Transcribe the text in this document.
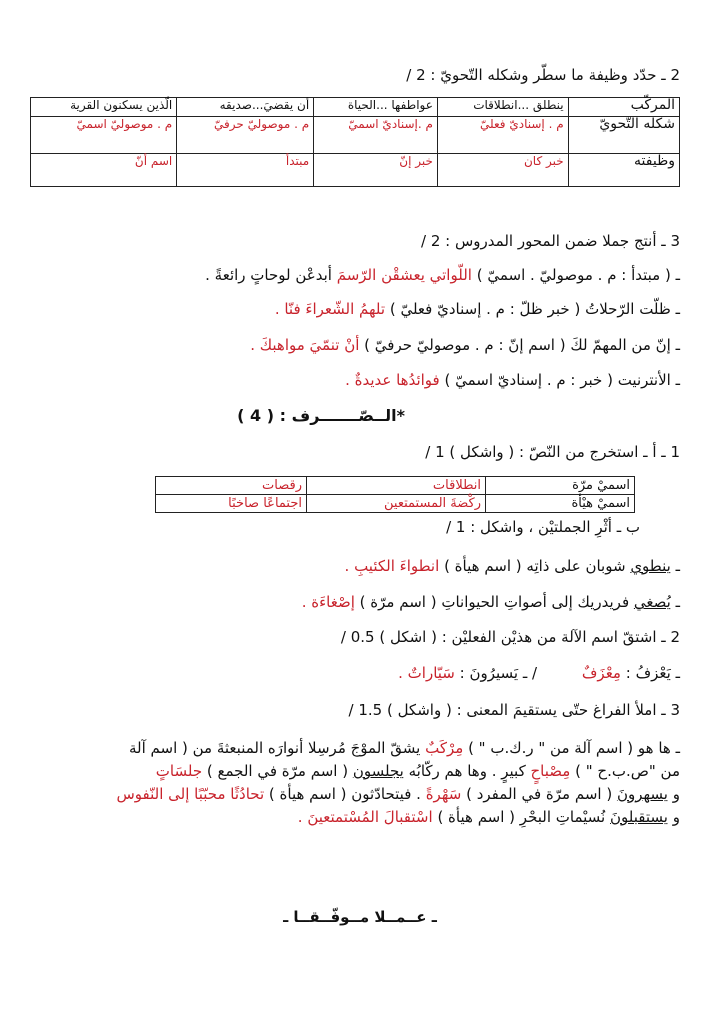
2 ـ حدّد وظيفة ما سطّر وشكله التّحويّ : 2 /
المركّب	ينطلق ...انطلاقات	عواطفها ...الحياة	أن يقضيَ...صديقه	الّذين يسكنون القرية
شكله التّحويّ	م . إسناديّ فعليّ	م .إسناديّ اسميّ	م . موصوليّ حرفيّ	م . موصوليّ اسميّ
وظيفته	خبر كان	خبر إنّ	مبتدأ	اسم أنّ
3 ـ أنتج جملا ضمن المحور المدروس : 2 /
ـ ( مبتدأ : م . موصوليّ . اسميّ ) اللّواتي يعشقْن الرّسمَ أبدعْن لوحاتٍ رائعةً .
ـ ظلّت الرّحلاتُ ( خبر ظلّ : م . إسناديّ فعليّ ) تلهمُ الشّعراءَ فنّا .
ـ إنّ من المهمّ لكَ ( اسم إنّ : م . موصوليّ حرفيّ ) أنْ تنمّيَ مواهبكَ .
ـ الأنترنيت ( خبر : م . إسناديّ اسميّ ) فوائدُها عديدةٌ .
*الــصّـــــــرف : ( 4 )
1 ـ أ ـ استخرج من النّصّ : ( واشكل ) 1 /
اسميْ مرّة	انطلاقات	رقصات
اسميْ هيْأة	ركْضةَ المستمتعين	اجتماعًا صاخبًا
ب ـ أثْرِ الجملتيْن ، واشكل : 1 /
ـ ينطوي شوبان على ذاتِه ( اسم هيأة ) انطواءَ الكئيبِ .
ـ يُصغي فريدريك إلى أصواتِ الحيواناتِ ( اسم مرّة ) إصْغاءَة .
2 ـ اشتقّ اسم الآلة من هذيْن الفعليْن : ( اشكل ) 0.5 /
ـ يَعْزفُ : مِعْزَفٌ / ـ يَسيرُونَ : سَيّاراتٌ .
3 ـ املأ الفراغ حتّى يستقيمَ المعنى : ( واشكل ) 1.5 /
ـ ها هو ( اسم آلة من " ر.ك.ب " ) مِرْكَبٌ يشقّ الموْجَ مُرسِلا أنوارَه المنبعثةَ من ( اسم آلة
من "ص.ب.ح " ) مِصْباحٍ كبيرٍ . وها هم ركّابُه يجلسون ( اسم مرّة في الجمع ) جلسَاتٍ
و يسهرونَ ( اسم مرّة في المفرد ) سَهْرةً . فيتحادّثون ( اسم هيأة ) تحادُثًا محبّبًا إلى النّفوس
و يستقبلونَ نُسيْماتِ البحْرِ ( اسم هيأة ) اسْتقبالَ المُسْتمتعينَ .
ـ عــمــلا مــوفّــقــا ـ
